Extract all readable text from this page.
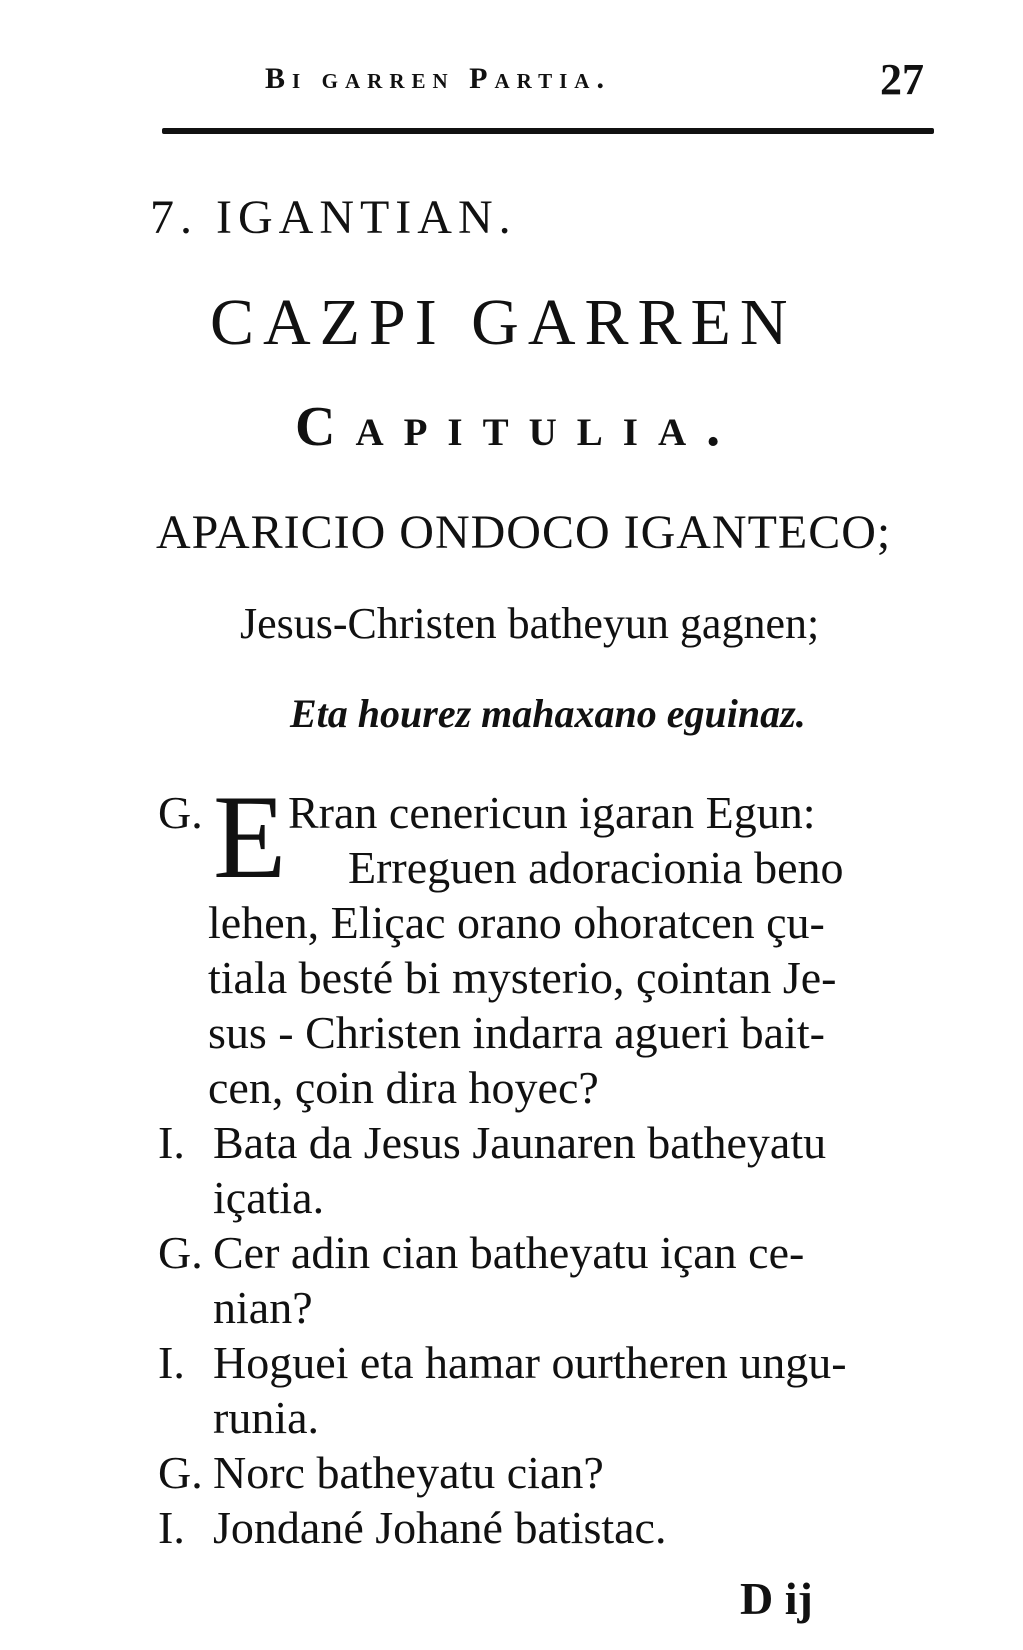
Bi garren Partia.	27
7. IGANTIAN.
CAZPI GARREN
Capitulia.
APARICIO ONDOCO IGANTECO;
Jesus-Christen batheyun gagnen;
Eta hourez mahaxano eguinaz.
G. E Rran cenericun igaran Egun:
Erreguen adoracionia beno
lehen, Eliçac orano ohoratcen çu-
tiala besté bi mysterio, çointan Je-
sus - Christen indarra agueri bait-
cen, çoin dira hoyec?
I. Bata da Jesus Jaunaren batheyatu
içatia.
G. Cer adin cian batheyatu içan ce-
nian?
I. Hoguei eta hamar ourtheren ungu-
runia.
G. Norc batheyatu cian?
I. Jondané Johané batistac.
D ij
